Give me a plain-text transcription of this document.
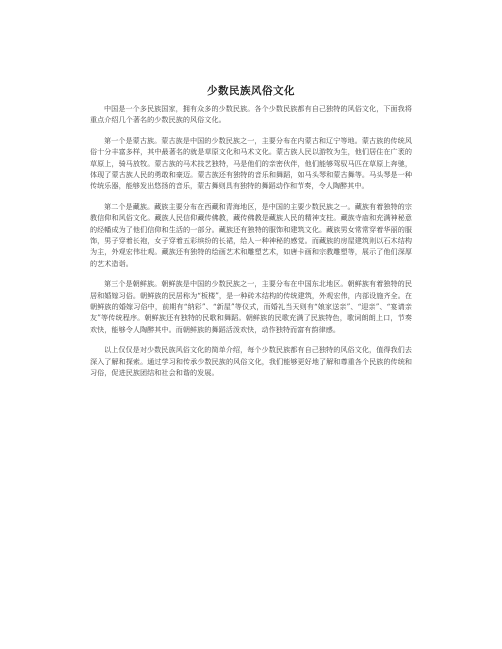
少数民族风俗文化

中国是一个多民族国家，拥有众多的少数民族。各个少数民族都有自己独特的风俗文化，下面我将重点介绍几个著名的少数民族的风俗文化。

第一个是蒙古族。蒙古族是中国的少数民族之一，主要分布在内蒙古和辽宁等地。蒙古族的传统风俗十分丰富多样，其中最著名的就是草原文化和马术文化。蒙古族人民以游牧为生，他们居住在广袤的草原上，骑马放牧。蒙古族的马术技艺独特，马是他们的亲密伙伴，他们能够驾驭马匹在草原上奔驰，体现了蒙古族人民的勇敢和豪迈。蒙古族还有独特的音乐和舞蹈，如马头琴和蒙古舞等。马头琴是一种传统乐器，能够发出悠扬的音乐，蒙古舞则具有独特的舞蹈动作和节奏，令人陶醉其中。

第二个是藏族。藏族主要分布在西藏和青海地区，是中国的主要少数民族之一。藏族有着独特的宗教信仰和风俗文化。藏族人民信仰藏传佛教，藏传佛教是藏族人民的精神支柱。藏族寺庙和充满神秘意的经幡成为了他们信仰和生活的一部分。藏族还有独特的服饰和建筑文化。藏族男女常常穿着华丽的服饰，男子穿着长袍，女子穿着五彩缤纷的长裙，给人一种神秘的感觉。而藏族的房屋建筑则以石木结构为主，外观宏伟壮观。藏族还有独特的绘画艺术和雕塑艺术，如唐卡画和宗教雕塑等，展示了他们深厚的艺术造诣。

第三个是朝鲜族。朝鲜族是中国的少数民族之一，主要分布在中国东北地区。朝鲜族有着独特的民居和婚嫁习俗。朝鲜族的民居称为“板楼”，是一种砖木结构的传统建筑，外观宏伟，内部设施齐全。在朝鲜族的婚嫁习俗中，前期有“纳彩”、“新屋”等仪式，而婚礼当天则有“娘家送亲”、“迎亲”、“宴请亲友”等传统程序。朝鲜族还有独特的民歌和舞蹈。朝鲜族的民歌充满了民族特色，歌词朗朗上口，节奏欢快，能够令人陶醉其中。而朝鲜族的舞蹈活泼欢快，动作独特而富有韵律感。

以上仅仅是对少数民族风俗文化的简单介绍，每个少数民族都有自己独特的风俗文化，值得我们去深入了解和探索。通过学习和传承少数民族的风俗文化，我们能够更好地了解和尊重各个民族的传统和习俗，促进民族团结和社会和谐的发展。
